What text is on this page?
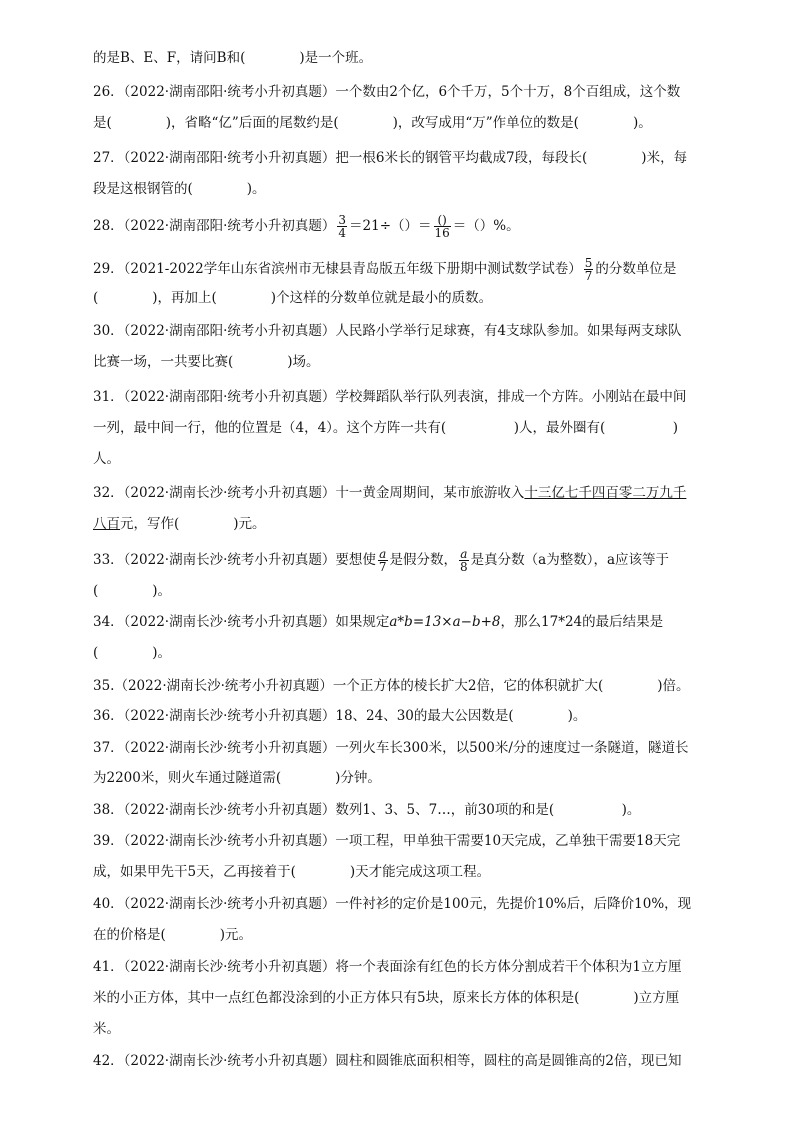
的是B、E、F，请问B和(　　　　)是一个班。
26．（2022·湖南邵阳·统考小升初真题）一个数由2个亿，6个千万，5个十万，8个百组成，这个数
是(　　　　)，省略“亿”后面的尾数约是(　　　　)，改写成用“万”作单位的数是(　　　　)。
27．（2022·湖南邵阳·统考小升初真题）把一根6米长的钢管平均截成7段，每段长(　　　　)米，每
段是这根钢管的(　　　　)。
28．（2022·湖南邵阳·统考小升初真题） $\frac{3}{4} =21\div()= \frac{()}{16}$ ＝（）%。
29．（2021-2022学年山东省滨州市无棣县青岛版五年级下册期中测试数学试卷） $\frac{5}{7}$ 的分数单位是
(　　　　)，再加上(　　　　)个这样的分数单位就是最小的质数。
30．（2022·湖南邵阳·统考小升初真题）人民路小学举行足球赛，有4支球队参加。如果每两支球队
比赛一场，一共要比赛(　　　　)场。
31．（2022·湖南邵阳·统考小升初真题）学校舞蹈队举行队列表演，排成一个方阵。小刚站在最中间
一列，最中间一行，他的位置是（4，4）。这个方阵一共有(　　　　　)人，最外圈有(　　　　　)
人。
32．（2022·湖南长沙·统考小升初真题）十一黄金周期间，某市旅游收入十三亿七千四百零二万九千
八百元，写作(　　　　)元。
33．（2022·湖南长沙·统考小升初真题）要想使 $\frac{a}{7}$ 是假分数， $\frac{a}{8}$ 是真分数（a为整数），a应该等于
(　　　　)。
34．（2022·湖南长沙·统考小升初真题）如果规定a*b=13×a−b+8，那么17*24的最后结果是
(　　　　)。
35.（2022·湖南长沙·统考小升初真题）一个正方体的棱长扩大2倍，它的体积就扩大(　　　　)倍。
36．（2022·湖南长沙·统考小升初真题）18、24、30的最大公因数是(　　　　)。
37．（2022·湖南长沙·统考小升初真题）一列火车长300米，以500米/分的速度过一条隧道，隧道长
为2200米，则火车通过隧道需(　　　　)分钟。
38．（2022·湖南长沙·统考小升初真题）数列1、3、5、7…，前30项的和是(　　　　　)。
39．（2022·湖南长沙·统考小升初真题）一项工程，甲单独干需要10天完成，乙单独干需要18天完
成，如果甲先干5天，乙再接着于(　　　　)天才能完成这项工程。
40．（2022·湖南长沙·统考小升初真题）一件衬衫的定价是100元，先提价10%后，后降价10%，现
在的价格是(　　　　)元。
41．（2022·湖南长沙·统考小升初真题）将一个表面涂有红色的长方体分割成若干个体积为1立方厘
米的小正方体，其中一点红色都没涂到的小正方体只有5块，原来长方体的体积是(　　　　)立方厘
米。
42．（2022·湖南长沙·统考小升初真题）圆柱和圆锥底面积相等，圆柱的高是圆锥高的2倍，现已知
